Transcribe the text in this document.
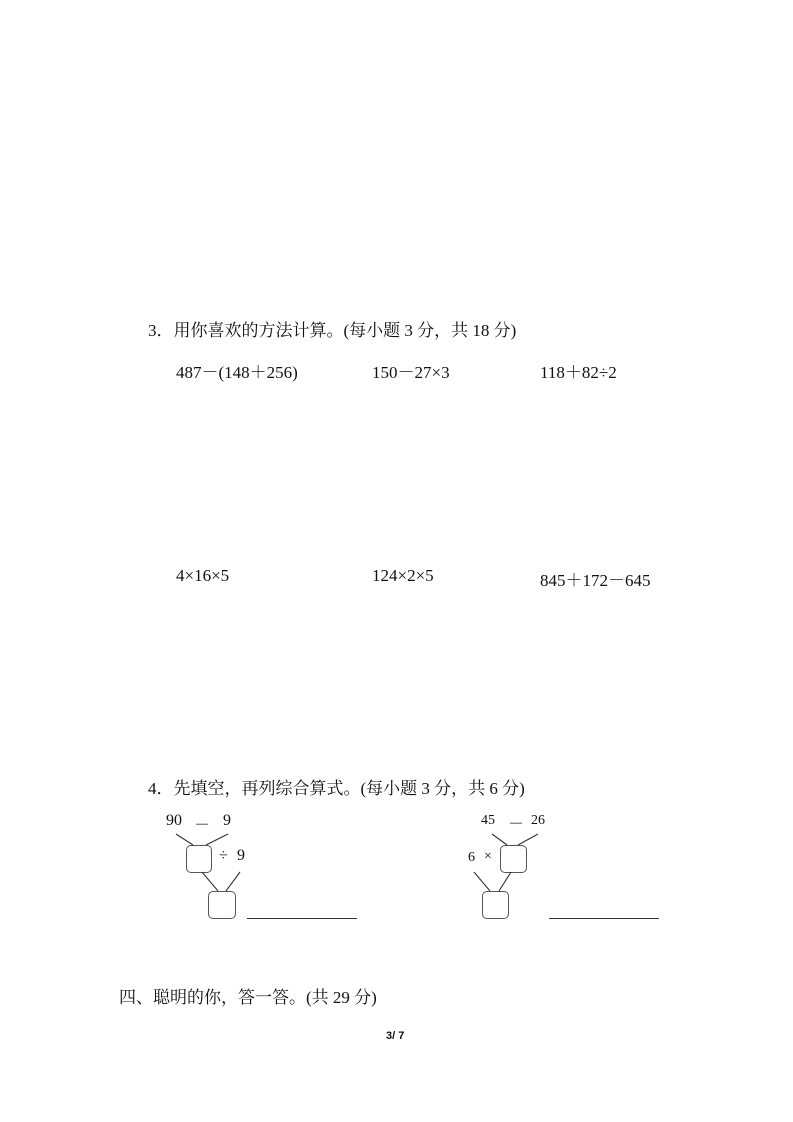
3．用你喜欢的方法计算。(每小题 3 分，共 18 分)
487－(148＋256)	150－27×3	118＋82÷2
4×16×5	124×2×5	845＋172－645
4．先填空，再列综合算式。(每小题 3 分，共 6 分)
90 － 9
÷ 9
45 － 26
6 ×
四、聪明的你，答一答。(共 29 分)
3/ 7
